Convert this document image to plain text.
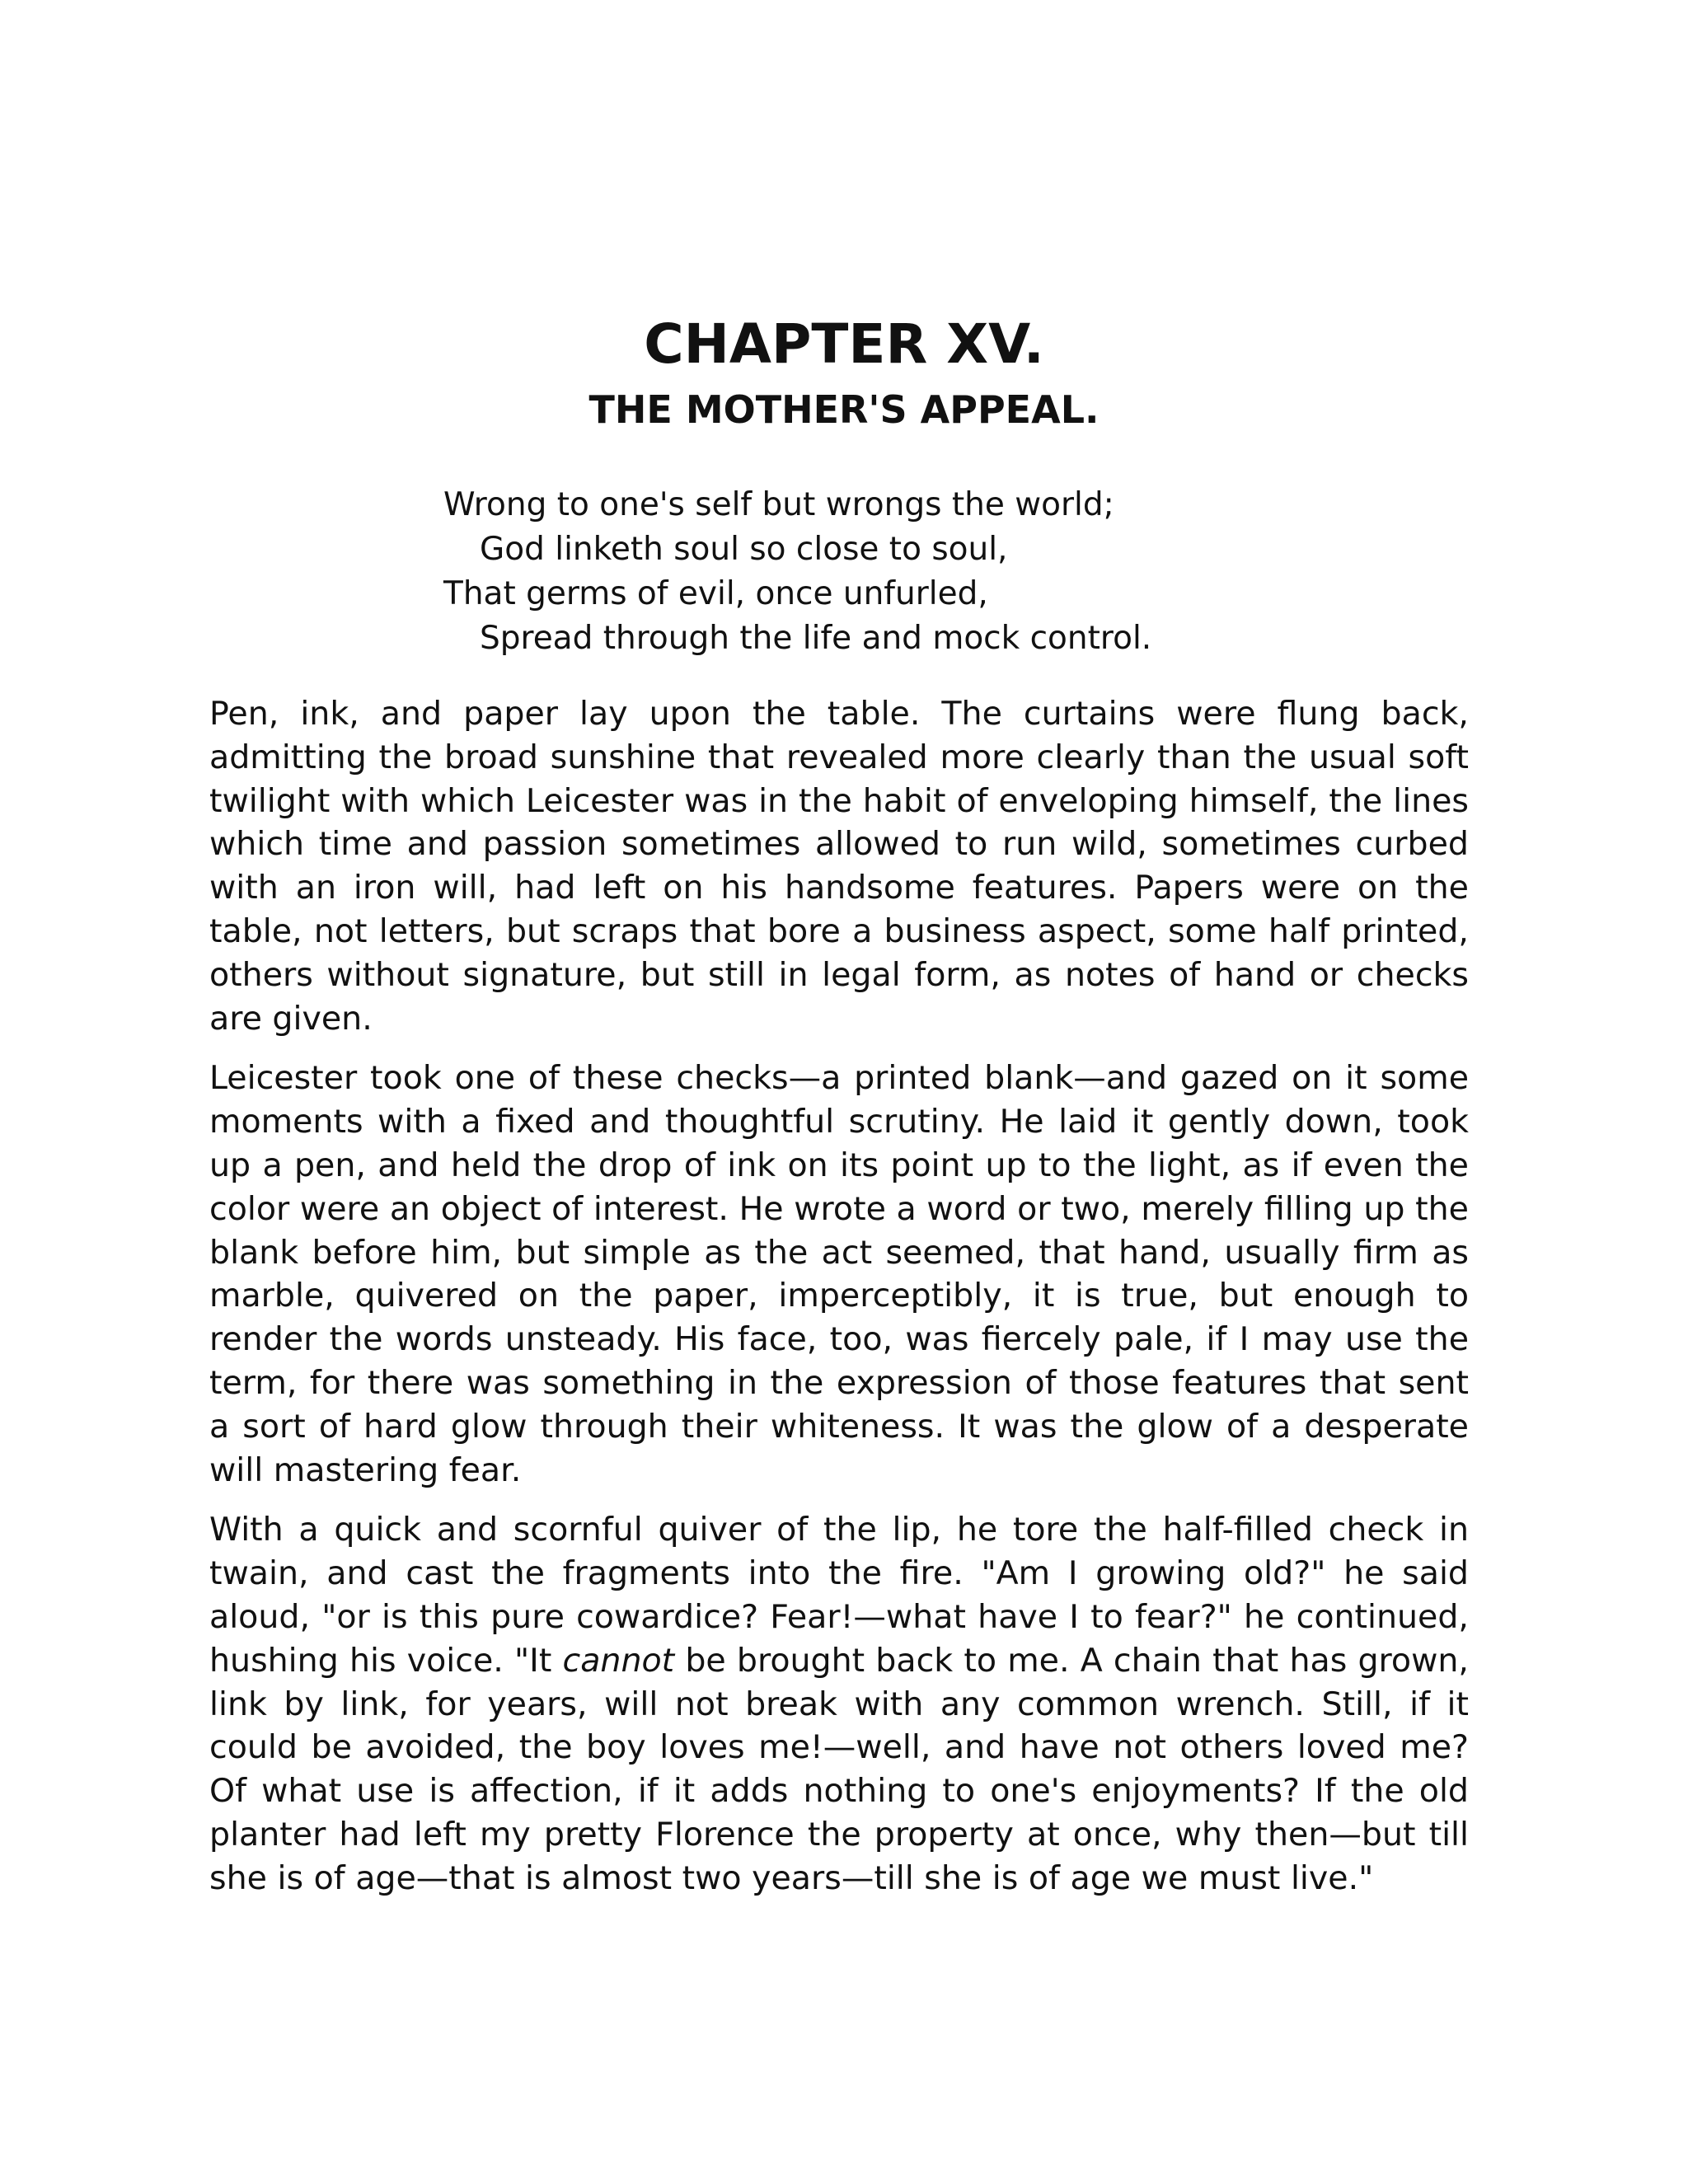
CHAPTER XV.
THE MOTHER'S APPEAL.
Wrong to one's self but wrongs the world;
God linketh soul so close to soul,
That germs of evil, once unfurled,
Spread through the life and mock control.

Pen, ink, and paper lay upon the table. The curtains were flung back, admitting the broad sunshine that revealed more clearly than the usual soft twilight with which Leicester was in the habit of enveloping himself, the lines which time and passion sometimes allowed to run wild, sometimes curbed with an iron will, had left on his handsome features. Papers were on the table, not letters, but scraps that bore a business aspect, some half printed, others without signature, but still in legal form, as notes of hand or checks are given.

Leicester took one of these checks—a printed blank—and gazed on it some moments with a fixed and thoughtful scrutiny. He laid it gently down, took up a pen, and held the drop of ink on its point up to the light, as if even the color were an object of interest. He wrote a word or two, merely filling up the blank before him, but simple as the act seemed, that hand, usually firm as marble, quivered on the paper, imperceptibly, it is true, but enough to render the words unsteady. His face, too, was fiercely pale, if I may use the term, for there was something in the expression of those features that sent a sort of hard glow through their whiteness. It was the glow of a desperate will mastering fear.

With a quick and scornful quiver of the lip, he tore the half-filled check in twain, and cast the fragments into the fire. "Am I growing old?" he said aloud, "or is this pure cowardice? Fear!—what have I to fear?" he continued, hushing his voice. "It cannot be brought back to me. A chain that has grown, link by link, for years, will not break with any common wrench. Still, if it could be avoided, the boy loves me!—well, and have not others loved me? Of what use is affection, if it adds nothing to one's enjoyments? If the old planter had left my pretty Florence the property at once, why then—but till she is of age—that is almost two years—till she is of age we must live."
